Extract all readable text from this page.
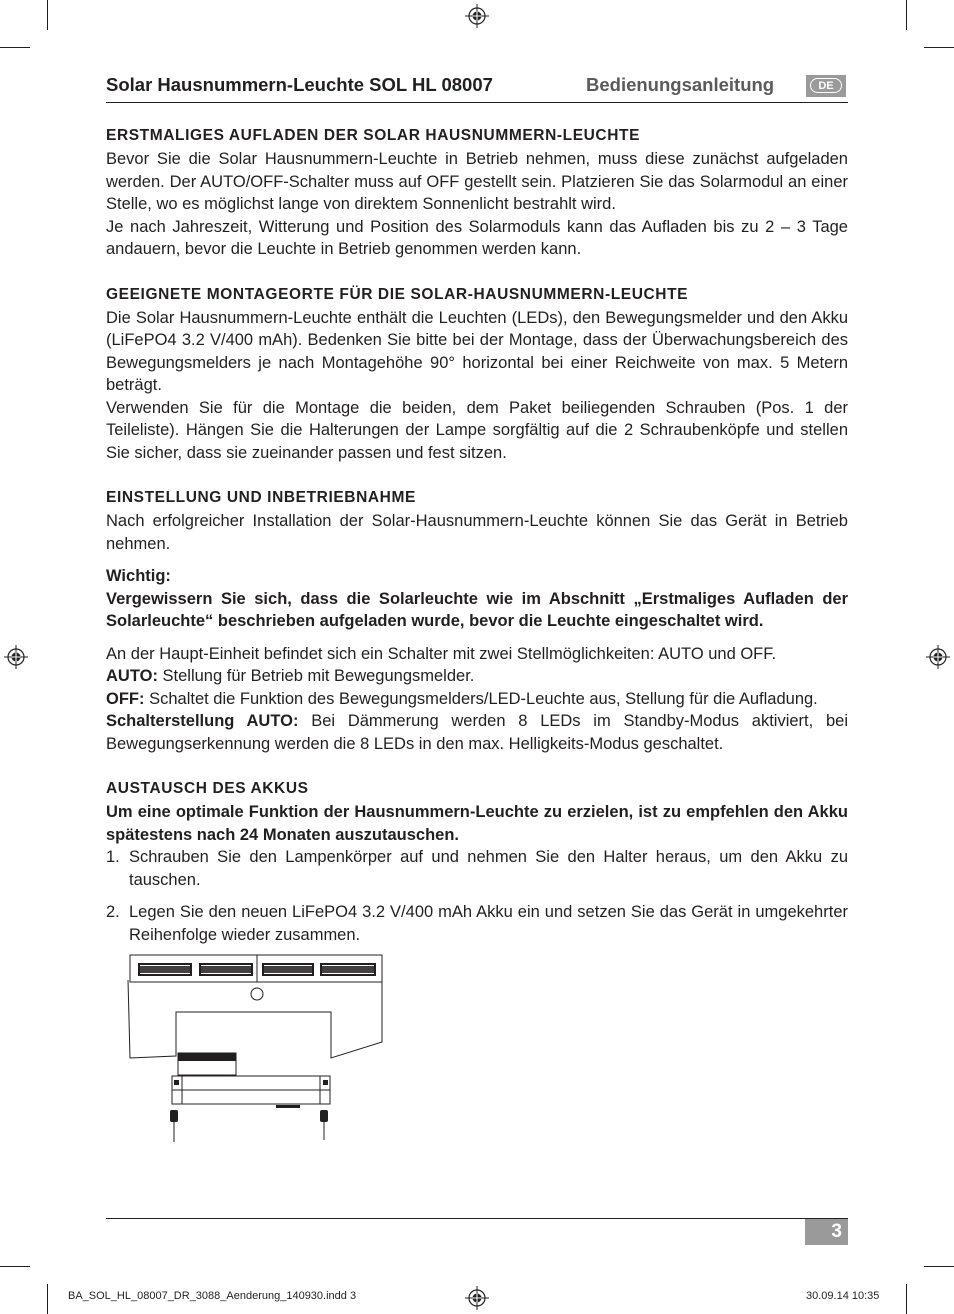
Solar Hausnummern-Leuchte SOL HL 08007	Bedienungsanleitung	DE

ERSTMALIGES AUFLADEN DER SOLAR HAUSNUMMERN-LEUCHTE

Bevor Sie die Solar Hausnummern-Leuchte in Betrieb nehmen, muss diese zunächst aufgeladen werden. Der AUTO/OFF-Schalter muss auf OFF gestellt sein. Platzieren Sie das Solarmodul an einer Stelle, wo es möglichst lange von direktem Sonnenlicht bestrahlt wird.

Je nach Jahreszeit, Witterung und Position des Solarmoduls kann das Aufladen bis zu 2 – 3 Tage andauern, bevor die Leuchte in Betrieb genommen werden kann.

GEEIGNETE MONTAGEORTE FÜR DIE SOLAR-HAUSNUMMERN-LEUCHTE

Die Solar Hausnummern-Leuchte enthält die Leuchten (LEDs), den Bewegungsmelder und den Akku (LiFePO4 3.2 V/400 mAh). Bedenken Sie bitte bei der Montage, dass der Überwachungsbereich des Bewegungsmelders je nach Montagehöhe 90° horizontal bei einer Reichweite von max. 5 Metern beträgt.

Verwenden Sie für die Montage die beiden, dem Paket beiliegenden Schrauben (Pos. 1 der Teileliste). Hängen Sie die Halterungen der Lampe sorgfältig auf die 2 Schraubenköpfe und stellen Sie sicher, dass sie zueinander passen und fest sitzen.

EINSTELLUNG UND INBETRIEBNAHME

Nach erfolgreicher Installation der Solar-Hausnummern-Leuchte können Sie das Gerät in Betrieb nehmen.

Wichtig:

Vergewissern Sie sich, dass die Solarleuchte wie im Abschnitt „Erstmaliges Aufladen der Solarleuchte“ beschrieben aufgeladen wurde, bevor die Leuchte eingeschaltet wird.

An der Haupt-Einheit befindet sich ein Schalter mit zwei Stellmöglichkeiten: AUTO und OFF.

AUTO: Stellung für Betrieb mit Bewegungsmelder.

OFF: Schaltet die Funktion des Bewegungsmelders/LED-Leuchte aus, Stellung für die Aufladung.

Schalterstellung AUTO: Bei Dämmerung werden 8 LEDs im Standby-Modus aktiviert, bei Bewegungserkennung werden die 8 LEDs in den max. Helligkeits-Modus geschaltet.

AUSTAUSCH DES AKKUS

Um eine optimale Funktion der Hausnummern-Leuchte zu erzielen, ist zu empfehlen den Akku spätestens nach 24 Monaten auszutauschen.

1. Schrauben Sie den Lampenkörper auf und nehmen Sie den Halter heraus, um den Akku zu tauschen.
2. Legen Sie den neuen LiFePO4 3.2 V/400 mAh Akku ein und setzen Sie das Gerät in umgekehrter Reihenfolge wieder zusammen.
3
BA_SOL_HL_08007_DR_3088_Aenderung_140930.indd 3	30.09.14 10:35
